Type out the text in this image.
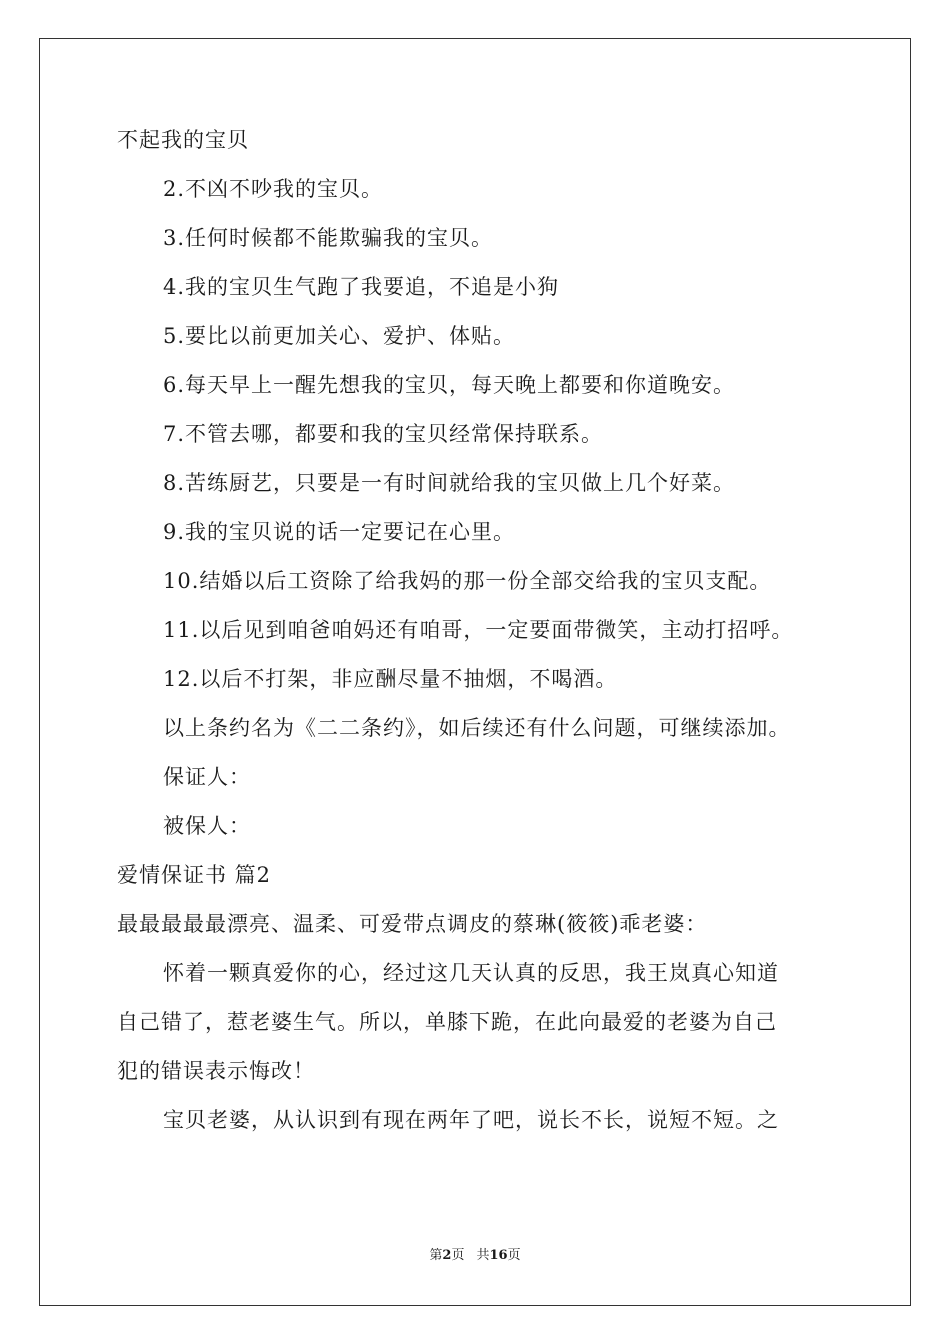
不起我的宝贝
2.不凶不吵我的宝贝。
3.任何时候都不能欺骗我的宝贝。
4.我的宝贝生气跑了我要追，不追是小狗
5.要比以前更加关心、爱护、体贴。
6.每天早上一醒先想我的宝贝，每天晚上都要和你道晚安。
7.不管去哪，都要和我的宝贝经常保持联系。
8.苦练厨艺，只要是一有时间就给我的宝贝做上几个好菜。
9.我的宝贝说的话一定要记在心里。
10.结婚以后工资除了给我妈的那一份全部交给我的宝贝支配。
11.以后见到咱爸咱妈还有咱哥，一定要面带微笑，主动打招呼。
12.以后不打架，非应酬尽量不抽烟，不喝酒。
以上条约名为《二二条约》，如后续还有什么问题，可继续添加。
保证人：
被保人：
爱情保证书 篇2
最最最最最漂亮、温柔、可爱带点调皮的蔡琳(筱筱)乖老婆：
怀着一颗真爱你的心，经过这几天认真的反思，我王岚真心知道
自己错了，惹老婆生气。所以，单膝下跪，在此向最爱的老婆为自己
犯的错误表示悔改！
宝贝老婆，从认识到有现在两年了吧，说长不长，说短不短。之
第2页 共16页
